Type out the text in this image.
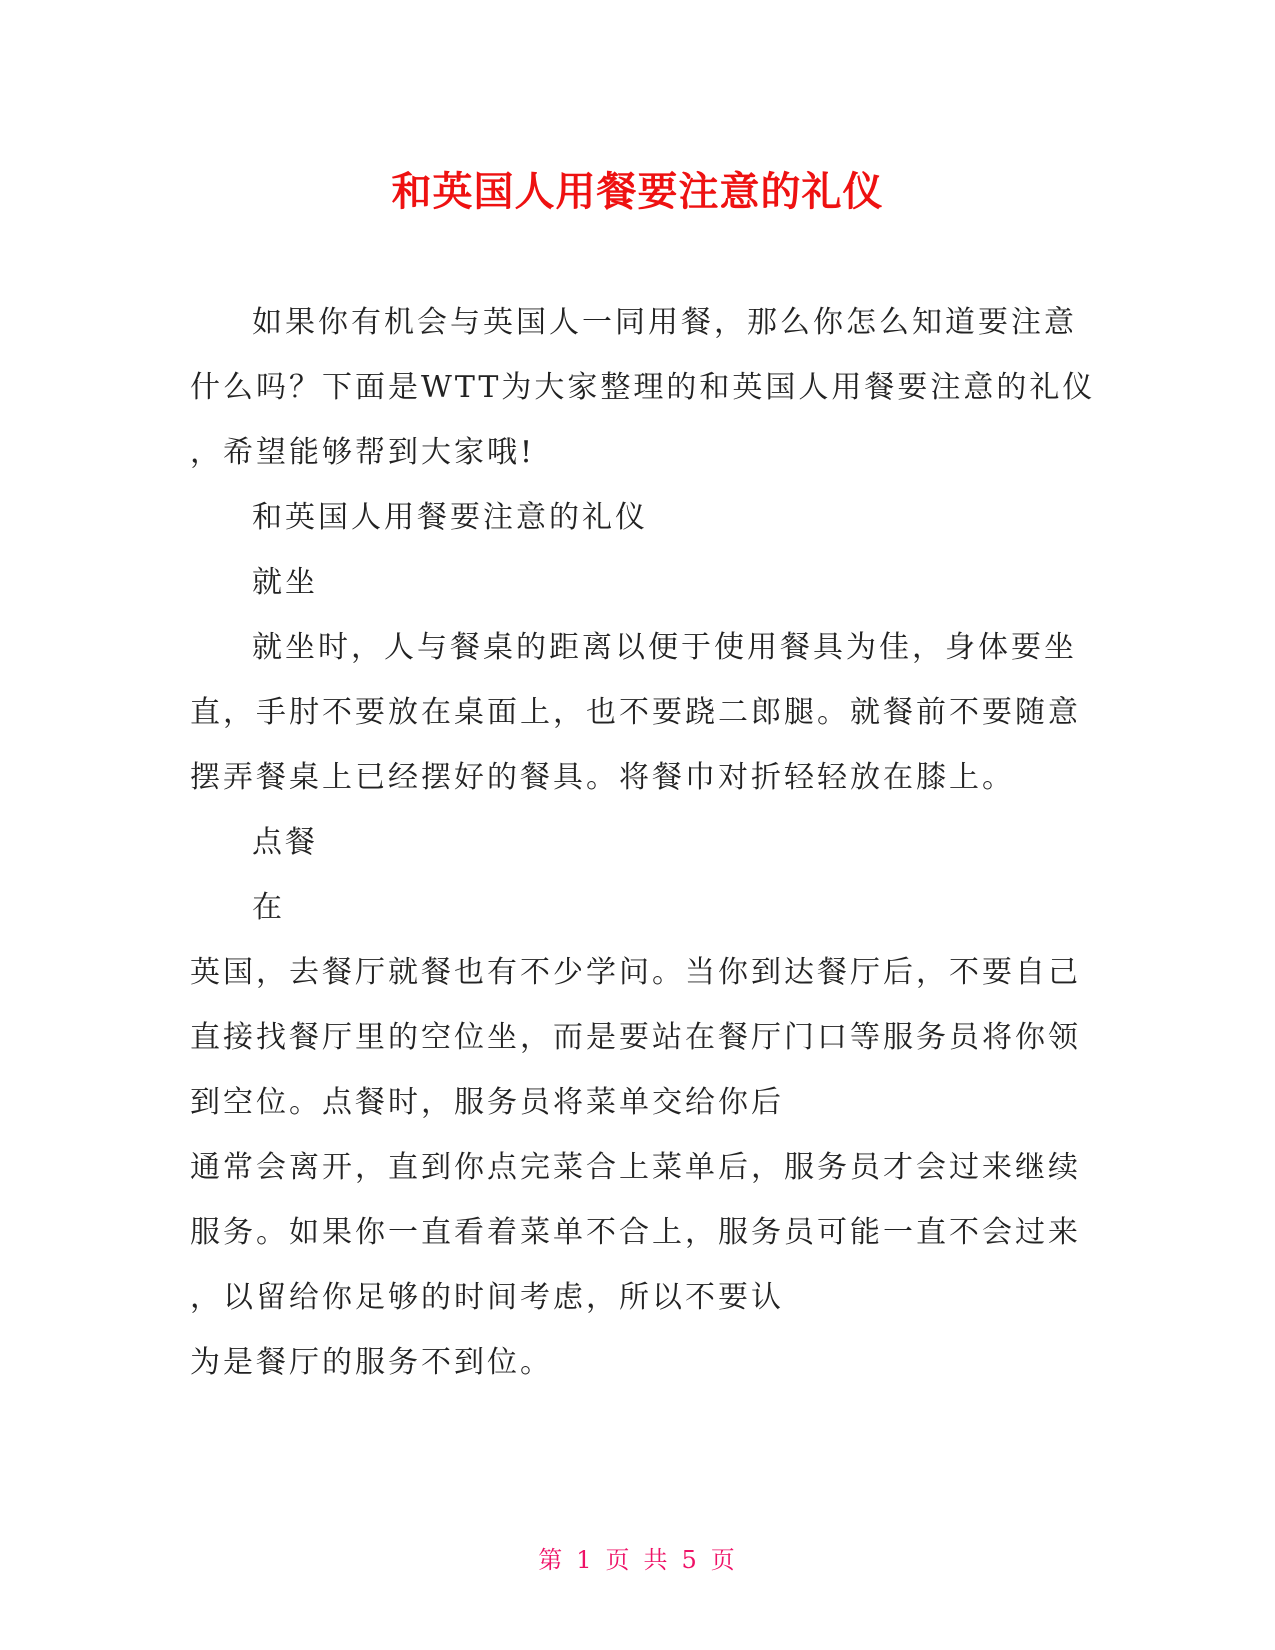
和英国人用餐要注意的礼仪

如果你有机会与英国人一同用餐，那么你怎么知道要注意

什么吗？下面是WTT为大家整理的和英国人用餐要注意的礼仪

，希望能够帮到大家哦!

和英国人用餐要注意的礼仪

就坐

就坐时，人与餐桌的距离以便于使用餐具为佳，身体要坐

直，手肘不要放在桌面上，也不要跷二郎腿。就餐前不要随意

摆弄餐桌上已经摆好的餐具。将餐巾对折轻轻放在膝上。

点餐

在

英国，去餐厅就餐也有不少学问。当你到达餐厅后，不要自己

直接找餐厅里的空位坐，而是要站在餐厅门口等服务员将你领

到空位。点餐时，服务员将菜单交给你后

通常会离开，直到你点完菜合上菜单后，服务员才会过来继续

服务。如果你一直看着菜单不合上，服务员可能一直不会过来

，以留给你足够的时间考虑，所以不要认

为是餐厅的服务不到位。

第 1 页 共 5 页
